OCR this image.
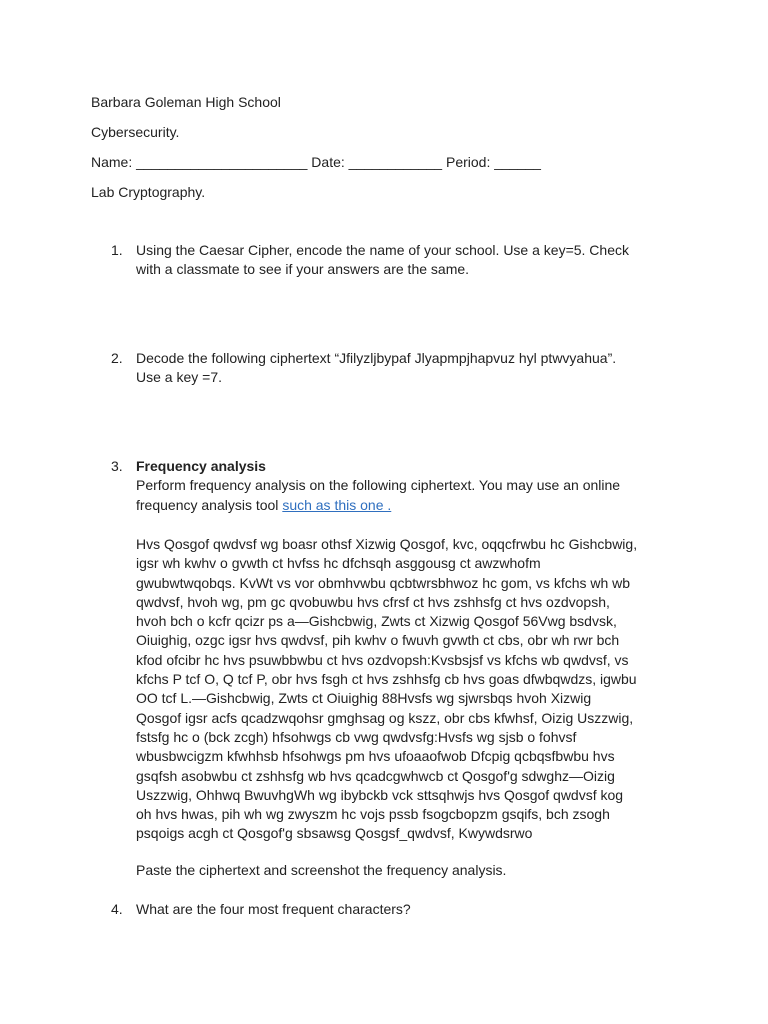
Barbara Goleman High School
Cybersecurity.
Name: ______________________ Date: ____________ Period: ______
Lab Cryptography.
1. Using the Caesar Cipher, encode the name of your school. Use a key=5. Check
with a classmate to see if your answers are the same.
2. Decode the following ciphertext “Jfilyzljbypaf Jlyapmpjhapvuz hyl ptwvyahua”.
Use a key =7.
3. Frequency analysis
Perform frequency analysis on the following ciphertext. You may use an online
frequency analysis tool such as this one .
Hvs Qosgof qwdvsf wg boasr othsf Xizwig Qosgof, kvc, oqqcfrwbu hc Gishcbwig,
igsr wh kwhv o gvwth ct hvfss hc dfchsqh asggousg ct awzwhofm
gwubwtwqobqs. KvWt vs vor obmhvwbu qcbtwrsbhwoz hc gom, vs kfchs wh wb
qwdvsf, hvoh wg, pm gc qvobuwbu hvs cfrsf ct hvs zshhsfg ct hvs ozdvopsh,
hvoh bch o kcfr qcizr ps a—Gishcbwig, Zwts ct Xizwig Qosgof 56Vwg bsdvsk,
Oiuighig, ozgc igsr hvs qwdvsf, pih kwhv o fwuvh gvwth ct cbs, obr wh rwr bch
kfod ofcibr hc hvs psuwbbwbu ct hvs ozdvopsh:Kvsbsjsf vs kfchs wb qwdvsf, vs
kfchs P tcf O, Q tcf P, obr hvs fsgh ct hvs zshhsfg cb hvs goas dfwbqwdzs, igwbu
OO tcf L.—Gishcbwig, Zwts ct Oiuighig 88Hvsfs wg sjwrsbqs hvoh Xizwig
Qosgof igsr acfs qcadzwqohsr gmghsag og kszz, obr cbs kfwhsf, Oizig Uszzwig,
fstsfg hc o (bck zcgh) hfsohwgs cb vwg qwdvsfg:Hvsfs wg sjsb o fohvsf
wbusbwcigzm kfwhhsb hfsohwgs pm hvs ufoaaofwob Dfcpig qcbqsfbwbu hvs
gsqfsh asobwbu ct zshhsfg wb hvs qcadcgwhwcb ct Qosgof'g sdwghz—Oizig
Uszzwig, Ohhwq BwuvhgWh wg ibybckb vck sttsqhwjs hvs Qosgof qwdvsf kog
oh hvs hwas, pih wh wg zwyszm hc vojs pssb fsogcbopzm gsqifs, bch zsogh
psqoigs acgh ct Qosgof'g sbsawsg Qosgsf_qwdvsf, Kwywdsrwo
Paste the ciphertext and screenshot the frequency analysis.
4. What are the four most frequent characters?
